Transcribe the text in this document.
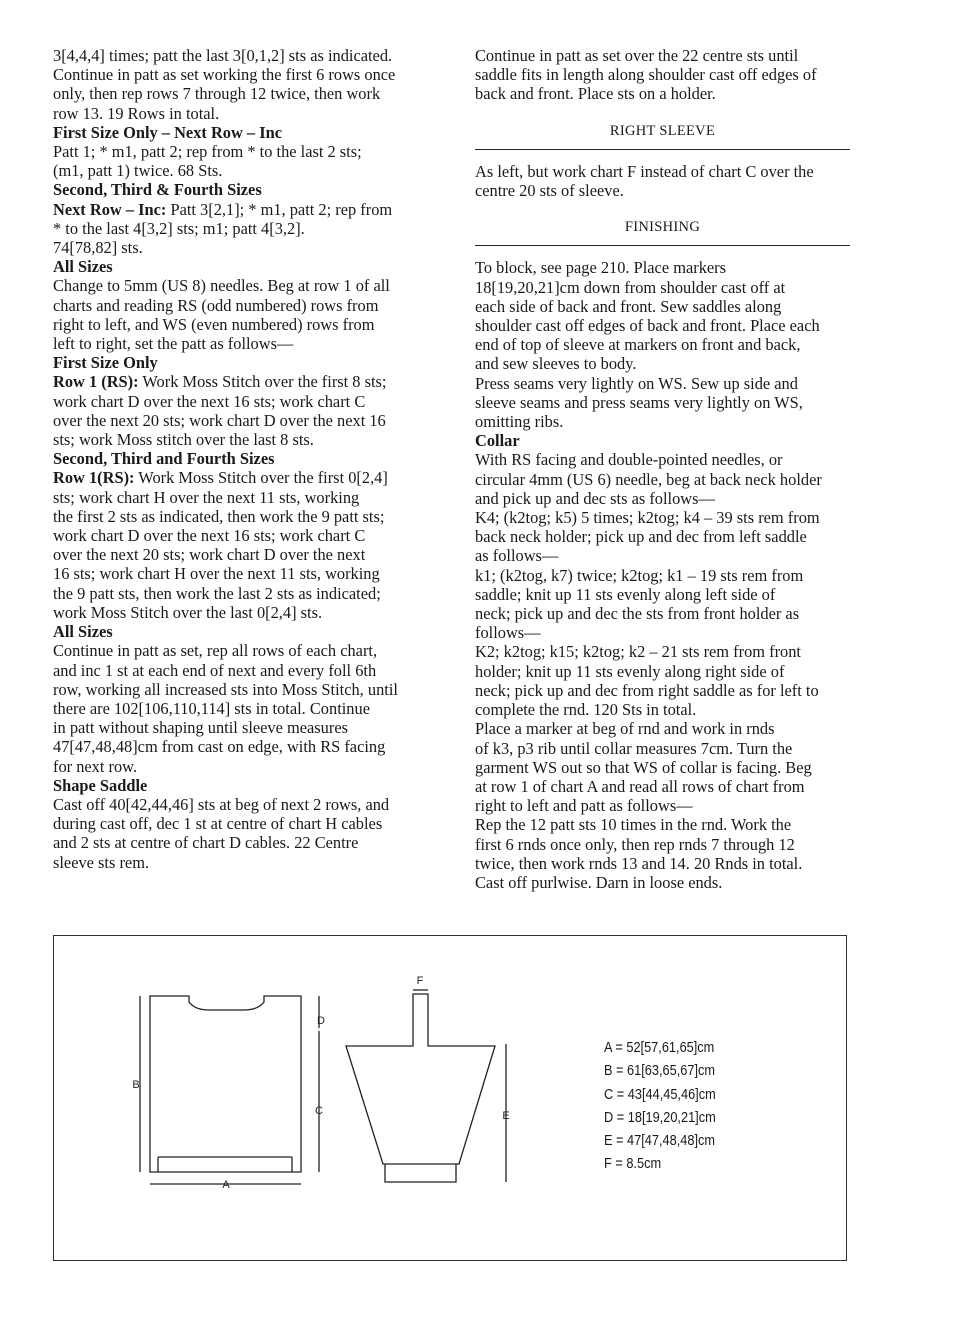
3[4,4,4] times; patt the last 3[0,1,2] sts as indicated.
Continue in patt as set working the first 6 rows once
only, then rep rows 7 through 12 twice, then work
row 13. 19 Rows in total.
First Size Only – Next Row – Inc
Patt 1; * m1, patt 2; rep from * to the last 2 sts;
(m1, patt 1) twice. 68 Sts.
Second, Third & Fourth Sizes
Next Row – Inc: Patt 3[2,1]; * m1, patt 2; rep from
* to the last 4[3,2] sts; m1; patt 4[3,2].
74[78,82] sts.
All Sizes
Change to 5mm (US 8) needles. Beg at row 1 of all
charts and reading RS (odd numbered) rows from
right to left, and WS (even numbered) rows from
left to right, set the patt as follows—
First Size Only
Row 1 (RS): Work Moss Stitch over the first 8 sts;
work chart D over the next 16 sts; work chart C
over the next 20 sts; work chart D over the next 16
sts; work Moss stitch over the last 8 sts.
Second, Third and Fourth Sizes
Row 1(RS): Work Moss Stitch over the first 0[2,4]
sts; work chart H over the next 11 sts, working
the first 2 sts as indicated, then work the 9 patt sts;
work chart D over the next 16 sts; work chart C
over the next 20 sts; work chart D over the next
16 sts; work chart H over the next 11 sts, working
the 9 patt sts, then work the last 2 sts as indicated;
work Moss Stitch over the last 0[2,4] sts.
All Sizes
Continue in patt as set, rep all rows of each chart,
and inc 1 st at each end of next and every foll 6th
row, working all increased sts into Moss Stitch, until
there are 102[106,110,114] sts in total. Continue
in patt without shaping until sleeve measures
47[47,48,48]cm from cast on edge, with RS facing
for next row.
Shape Saddle
Cast off 40[42,44,46] sts at beg of next 2 rows, and
during cast off, dec 1 st at centre of chart H cables
and 2 sts at centre of chart D cables. 22 Centre
sleeve sts rem.
Continue in patt as set over the 22 centre sts until
saddle fits in length along shoulder cast off edges of
back and front. Place sts on a holder.
RIGHT SLEEVE
As left, but work chart F instead of chart C over the
centre 20 sts of sleeve.
FINISHING
To block, see page 210. Place markers
18[19,20,21]cm down from shoulder cast off at
each side of back and front. Sew saddles along
shoulder cast off edges of back and front. Place each
end of top of sleeve at markers on front and back,
and sew sleeves to body.
Press seams very lightly on WS. Sew up side and
sleeve seams and press seams very lightly on WS,
omitting ribs.
Collar
With RS facing and double-pointed needles, or
circular 4mm (US 6) needle, beg at back neck holder
and pick up and dec sts as follows—
K4; (k2tog; k5) 5 times; k2tog; k4 – 39 sts rem from
back neck holder; pick up and dec from left saddle
as follows—
k1; (k2tog, k7) twice; k2tog; k1 – 19 sts rem from
saddle; knit up 11 sts evenly along left side of
neck; pick up and dec the sts from front holder as
follows—
K2; k2tog; k15; k2tog; k2 – 21 sts rem from front
holder; knit up 11 sts evenly along right side of
neck; pick up and dec from right saddle as for left to
complete the rnd. 120 Sts in total.
Place a marker at beg of rnd and work in rnds
of k3, p3 rib until collar measures 7cm. Turn the
garment WS out so that WS of collar is facing. Beg
at row 1 of chart A and read all rows of chart from
right to left and patt as follows—
Rep the 12 patt sts 10 times in the rnd. Work the
first 6 rnds once only, then rep rnds 7 through 12
twice, then work rnds 13 and 14. 20 Rnds in total.
Cast off purlwise. Darn in loose ends.
A
B
C
D
E
F
A = 52[57,61,65]cm
B = 61[63,65,67]cm
C = 43[44,45,46]cm
D = 18[19,20,21]cm
E = 47[47,48,48]cm
F = 8.5cm
